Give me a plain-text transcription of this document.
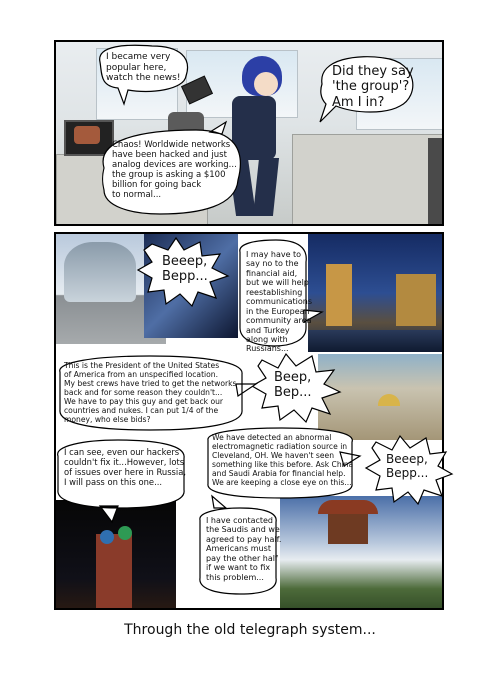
I became very
popular here,
watch the news!	Did they say
'the group'?
Am I in?

Chaos! Worldwide networks
have been hacked and just
analog devices are working...
the group is asking a $100
billion for going back
to normal...

Beeep,
Bepp...

I may have to
say no to the
financial aid,
but we will help
reestablishing
communications
in the European
community area
and Turkey
along with
Russians...

This is the President of the United States
of America from an unspecified location.
My best crews have tried to get the networks
back and for some reason they couldn't...
We have to pay this guy and get back our
countries and nukes. I can put 1/4 of the
money, who else bids?

Beep,
Bep...

We have detected an abnormal
electromagnetic radiation source in
Cleveland, OH. We haven't seen
something like this before. Ask China
and Saudi Arabia for financial help.
We are keeping a close eye on this...

Beeep,
Bepp...

I can see, even our hackers
couldn't fix it...However, lots
of issues over here in Russia,
I will pass on this one...

I have contacted
the Saudis and we
agreed to pay half.
Americans must
pay the other half
if we want to fix
this problem...

Through the old telegraph system...
